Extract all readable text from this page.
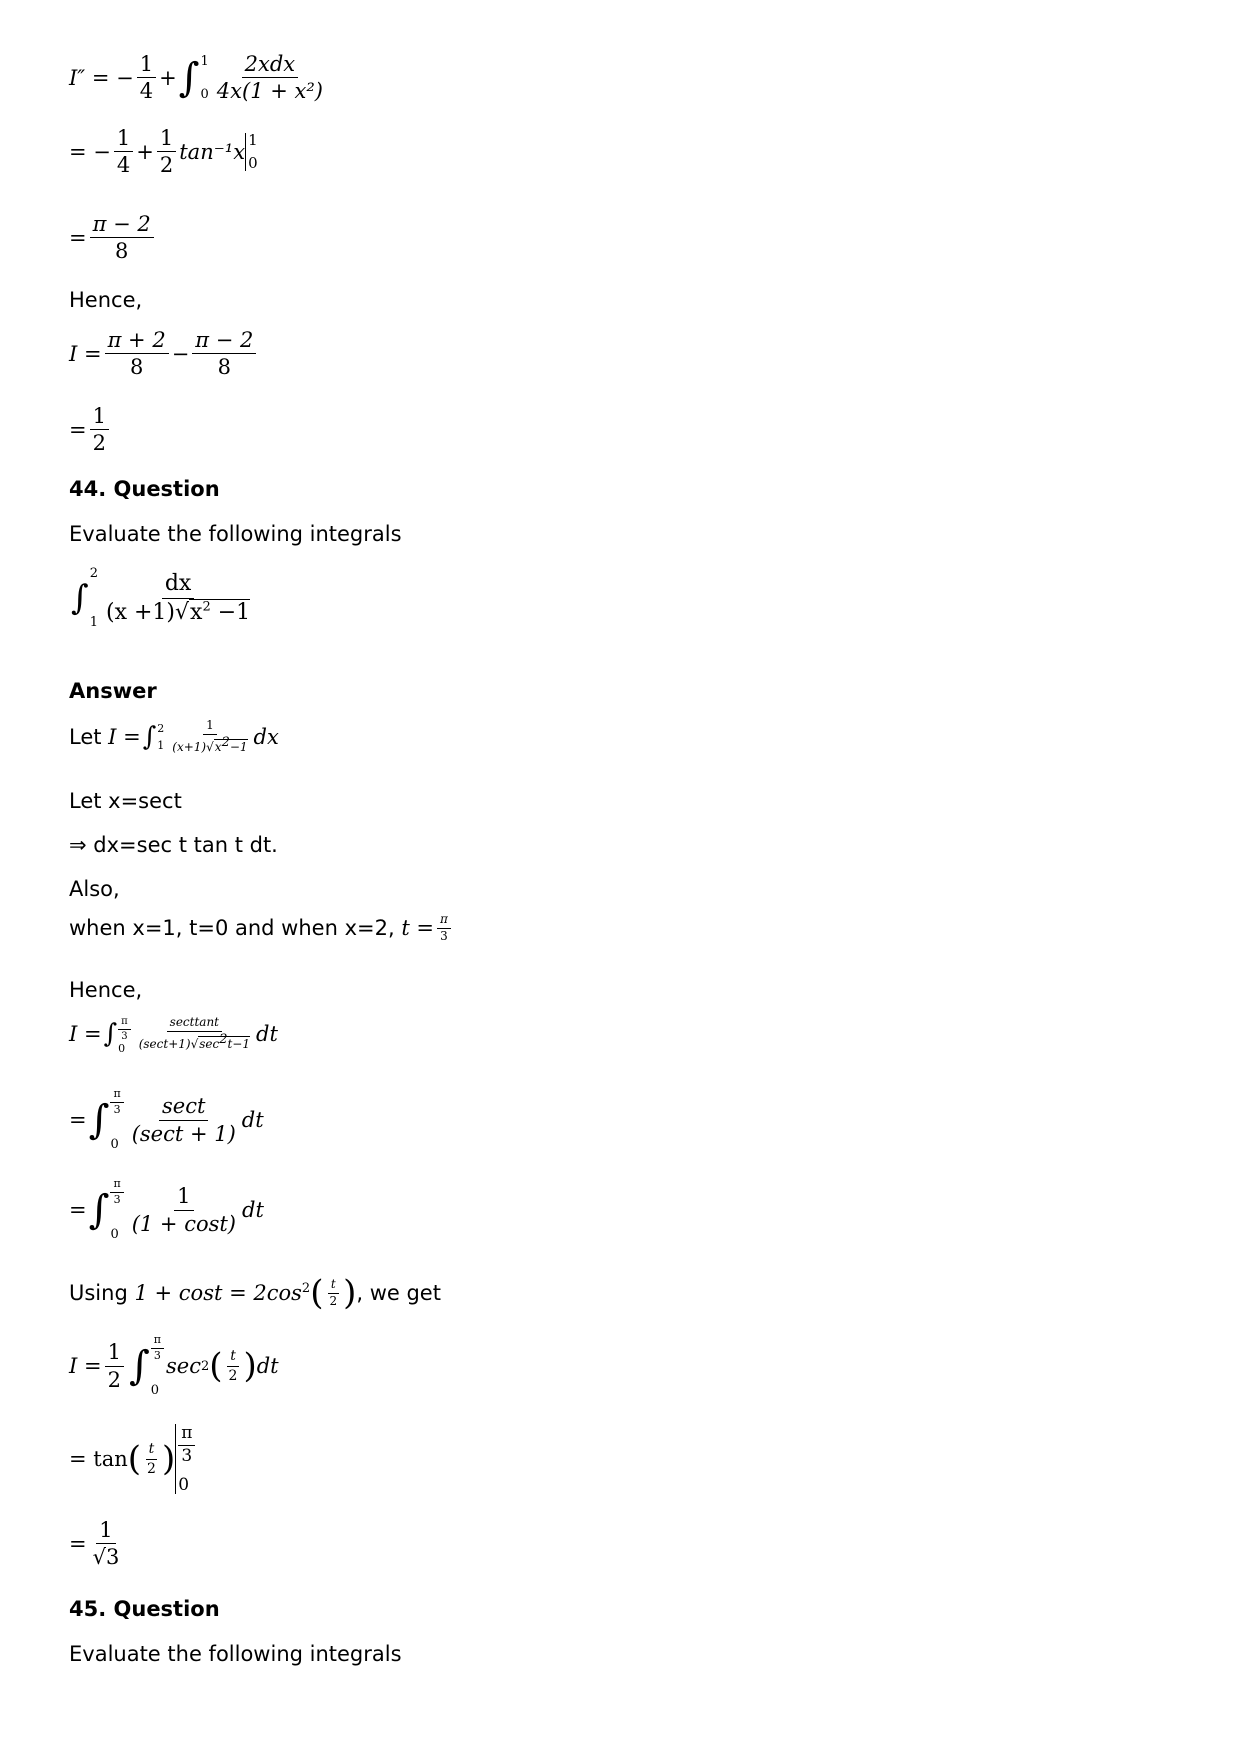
I″ = − $\frac{1}{4}$ + ∫ 1
$0 \frac{\text{2xdx}}{\text{4x(1 + x²)}}$
= − $\frac{1}{4} + \frac{1}{2} \tan^{-1}x$ 1
0
= $\frac{\pi - 2}{8}$
Hence,
$I = \frac{\pi + 2}{8} - \frac{\pi - 2}{8}$
= $\frac{1}{2}$
44. Question
Evaluate the following integrals
∫
2
$1 \frac{dx}{(x +1)√x^2 -1}$
Answer
Let
I = ∫ 2
$1 \frac{1}{(x+1)√x^2-1}$ dx
Let x=sect
⇒ dx=sec t tan t dt.
Also,
when x=1, t=0 and when x=2,
$t = \frac{\pi}{3}$
Hence,
I = ∫ $\frac{\pi}{3}$
$0 \frac{\text{secttant}}{(\sec t+1)√\sec^2t-1}$ dt
= ∫ $\frac{\pi}{3}$
$0 \frac{\sec t}{(\sec t + 1)}$ dt
= ∫ $\frac{\pi}{3}$
$0 \frac{1}{(1 + \cos t)}$ dt
Using
$1 + \cos t = 2\cos^2$ ( $\frac{t}{2}$ ) , we get
$I = \frac{1}{2}$ ∫ $\frac{\pi}{3}$
0
sec 2 ( $\frac{t}{2}$ ) dt
= tan ( $\frac{t}{2}$ ) $\frac{\pi}{3}$
0
= $\frac{1}{√3}$
45. Question
Evaluate the following integrals
